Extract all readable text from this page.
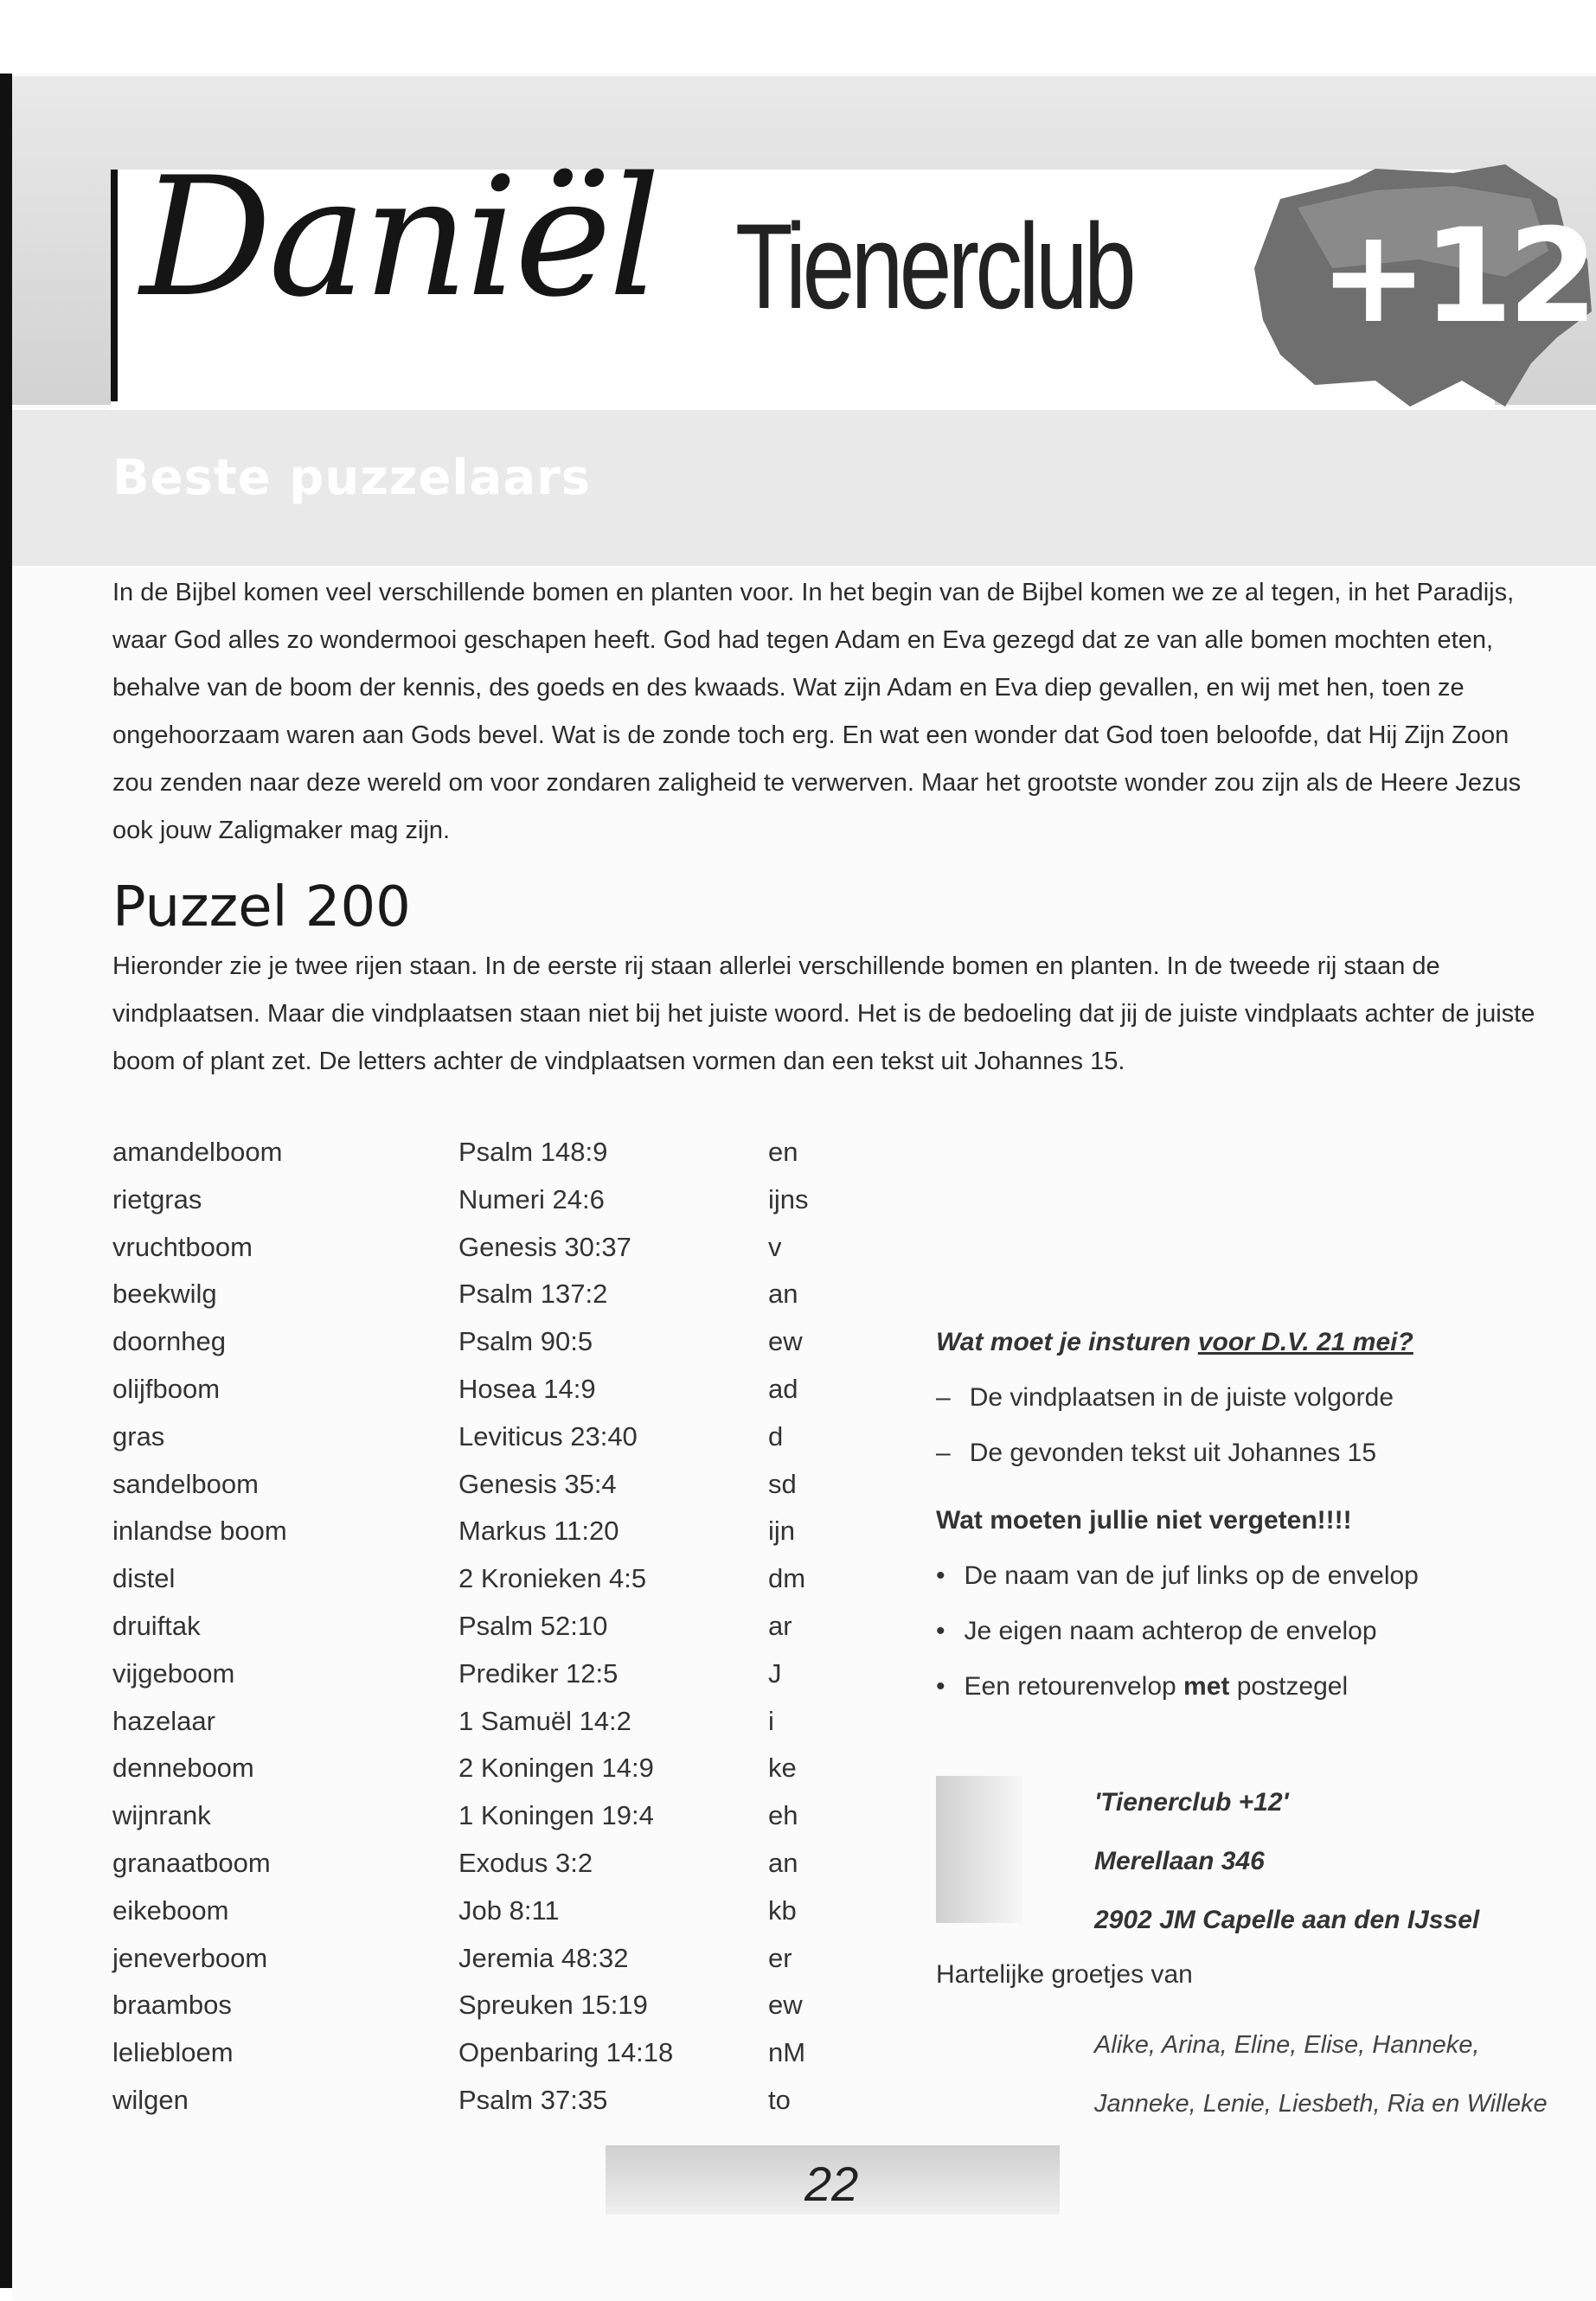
Daniël Tienerclub +12
Beste puzzelaars
In de Bijbel komen veel verschillende bomen en planten voor. In het begin van de Bijbel komen we ze al tegen, in het Paradijs, waar God alles zo wondermooi geschapen heeft. God had tegen Adam en Eva gezegd dat ze van alle bomen mochten eten, behalve van de boom der kennis, des goeds en des kwaads. Wat zijn Adam en Eva diep gevallen, en wij met hen, toen ze ongehoorzaam waren aan Gods bevel. Wat is de zonde toch erg. En wat een wonder dat God toen beloofde, dat Hij Zijn Zoon zou zenden naar deze wereld om voor zondaren zaligheid te verwerven. Maar het grootste wonder zou zijn als de Heere Jezus ook jouw Zaligmaker mag zijn.
Puzzel 200
Hieronder zie je twee rijen staan. In de eerste rij staan allerlei verschillende bomen en planten. In de tweede rij staan de vindplaatsen. Maar die vindplaatsen staan niet bij het juiste woord. Het is de bedoeling dat jij de juiste vindplaats achter de juiste boom of plant zet. De letters achter de vindplaatsen vormen dan een tekst uit Johannes 15.
amandelboom	Psalm 148:9	en
rietgras	Numeri 24:6	ijns
vruchtboom	Genesis 30:37	v
beekwilg	Psalm 137:2	an
doornheg	Psalm 90:5	ew
olijfboom	Hosea 14:9	ad
gras	Leviticus 23:40	d
sandelboom	Genesis 35:4	sd
inlandse boom	Markus 11:20	ijn
distel	2 Kronieken 4:5	dm
druiftak	Psalm 52:10	ar
vijgeboom	Prediker 12:5	J
hazelaar	1 Samuël 14:2	i
denneboom	2 Koningen 14:9	ke
wijnrank	1 Koningen 19:4	eh
granaatboom	Exodus 3:2	an
eikeboom	Job 8:11	kb
jeneverboom	Jeremia 48:32	er
braambos	Spreuken 15:19	ew
leliebloem	Openbaring 14:18	nM
wilgen	Psalm 37:35	to
Wat moet je insturen voor D.V. 21 mei?
– De vindplaatsen in de juiste volgorde
– De gevonden tekst uit Johannes 15
Wat moeten jullie niet vergeten!!!!
• De naam van de juf links op de envelop
• Je eigen naam achterop de envelop
• Een retourenvelop met postzegel
'Tienerclub +12'
Merellaan 346
2902 JM Capelle aan den IJssel
Hartelijke groetjes van
Alike, Arina, Eline, Elise, Hanneke,
Janneke, Lenie, Liesbeth, Ria en Willeke
22
